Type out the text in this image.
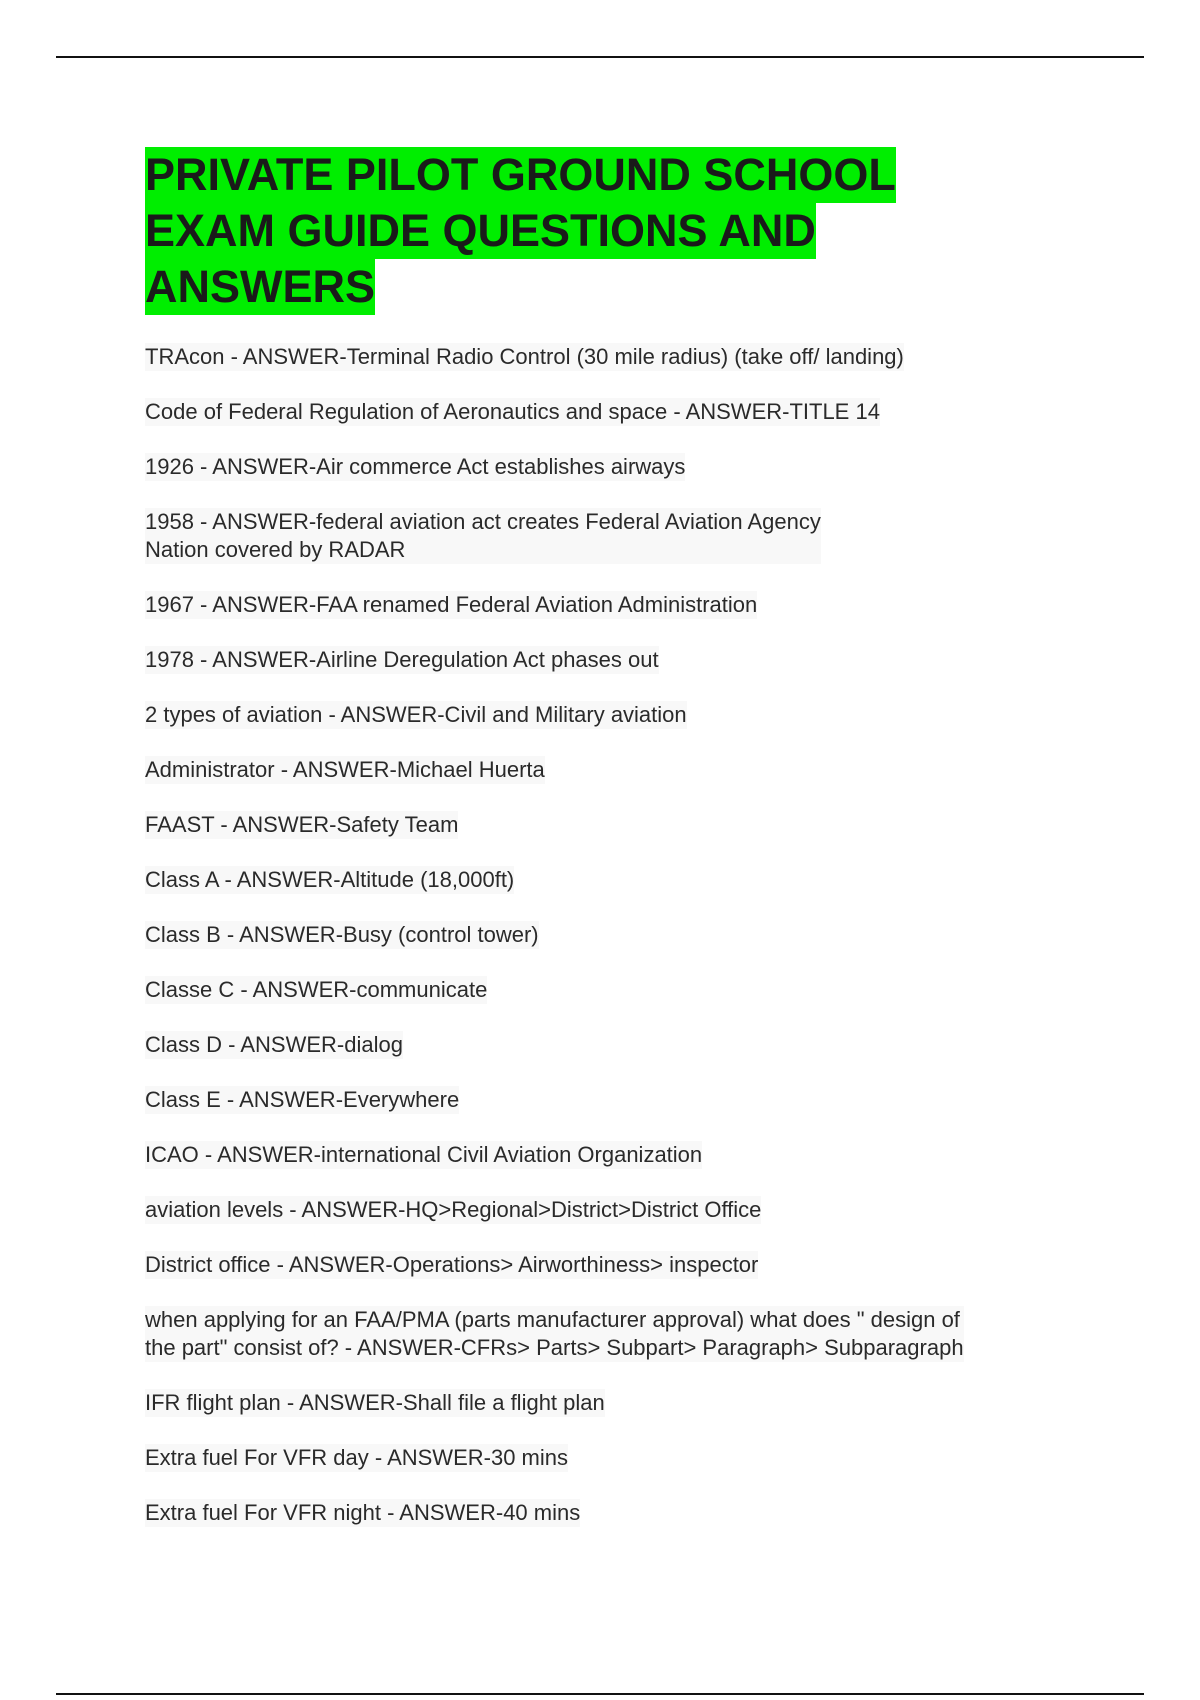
PRIVATE PILOT GROUND SCHOOL
EXAM GUIDE QUESTIONS AND
ANSWERS
TRAcon - ANSWER-Terminal Radio Control (30 mile radius) (take off/ landing)
Code of Federal Regulation of Aeronautics and space - ANSWER-TITLE 14
1926 - ANSWER-Air commerce Act establishes airways
1958 - ANSWER-federal aviation act creates Federal Aviation Agency
Nation covered by RADAR
1967 - ANSWER-FAA renamed Federal Aviation Administration
1978 - ANSWER-Airline Deregulation Act phases out
2 types of aviation - ANSWER-Civil and Military aviation
Administrator - ANSWER-Michael Huerta
FAAST - ANSWER-Safety Team
Class A - ANSWER-Altitude (18,000ft)
Class B - ANSWER-Busy (control tower)
Classe C - ANSWER-communicate
Class D - ANSWER-dialog
Class E - ANSWER-Everywhere
ICAO - ANSWER-international Civil Aviation Organization
aviation levels - ANSWER-HQ>Regional>District>District Office
District office - ANSWER-Operations> Airworthiness> inspector
when applying for an FAA/PMA (parts manufacturer approval) what does " design of
the part" consist of? - ANSWER-CFRs> Parts> Subpart> Paragraph> Subparagraph
IFR flight plan - ANSWER-Shall file a flight plan
Extra fuel For VFR day - ANSWER-30 mins
Extra fuel For VFR night - ANSWER-40 mins
